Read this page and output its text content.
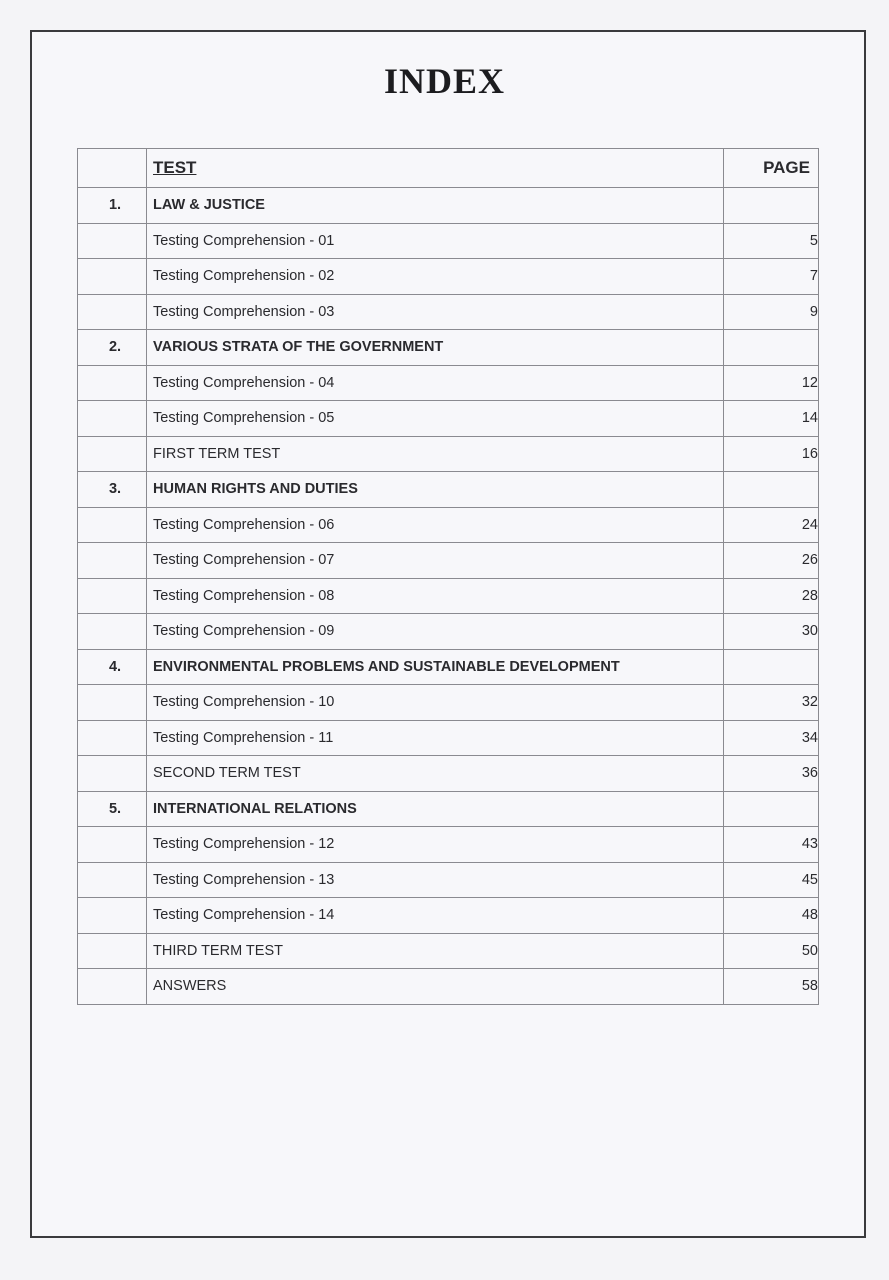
INDEX
	TEST	PAGE
1.	LAW & JUSTICE	
	Testing Comprehension - 01	5
	Testing Comprehension - 02	7
	Testing Comprehension - 03	9
2.	VARIOUS STRATA OF THE GOVERNMENT	
	Testing Comprehension - 04	12
	Testing Comprehension - 05	14
	FIRST TERM TEST	16
3.	HUMAN RIGHTS AND DUTIES	
	Testing Comprehension - 06	24
	Testing Comprehension - 07	26
	Testing Comprehension - 08	28
	Testing Comprehension - 09	30
4.	ENVIRONMENTAL PROBLEMS AND SUSTAINABLE DEVELOPMENT	
	Testing Comprehension - 10	32
	Testing Comprehension - 11	34
	SECOND TERM TEST	36
5.	INTERNATIONAL RELATIONS	
	Testing Comprehension - 12	43
	Testing Comprehension - 13	45
	Testing Comprehension - 14	48
	THIRD TERM TEST	50
	ANSWERS	58
